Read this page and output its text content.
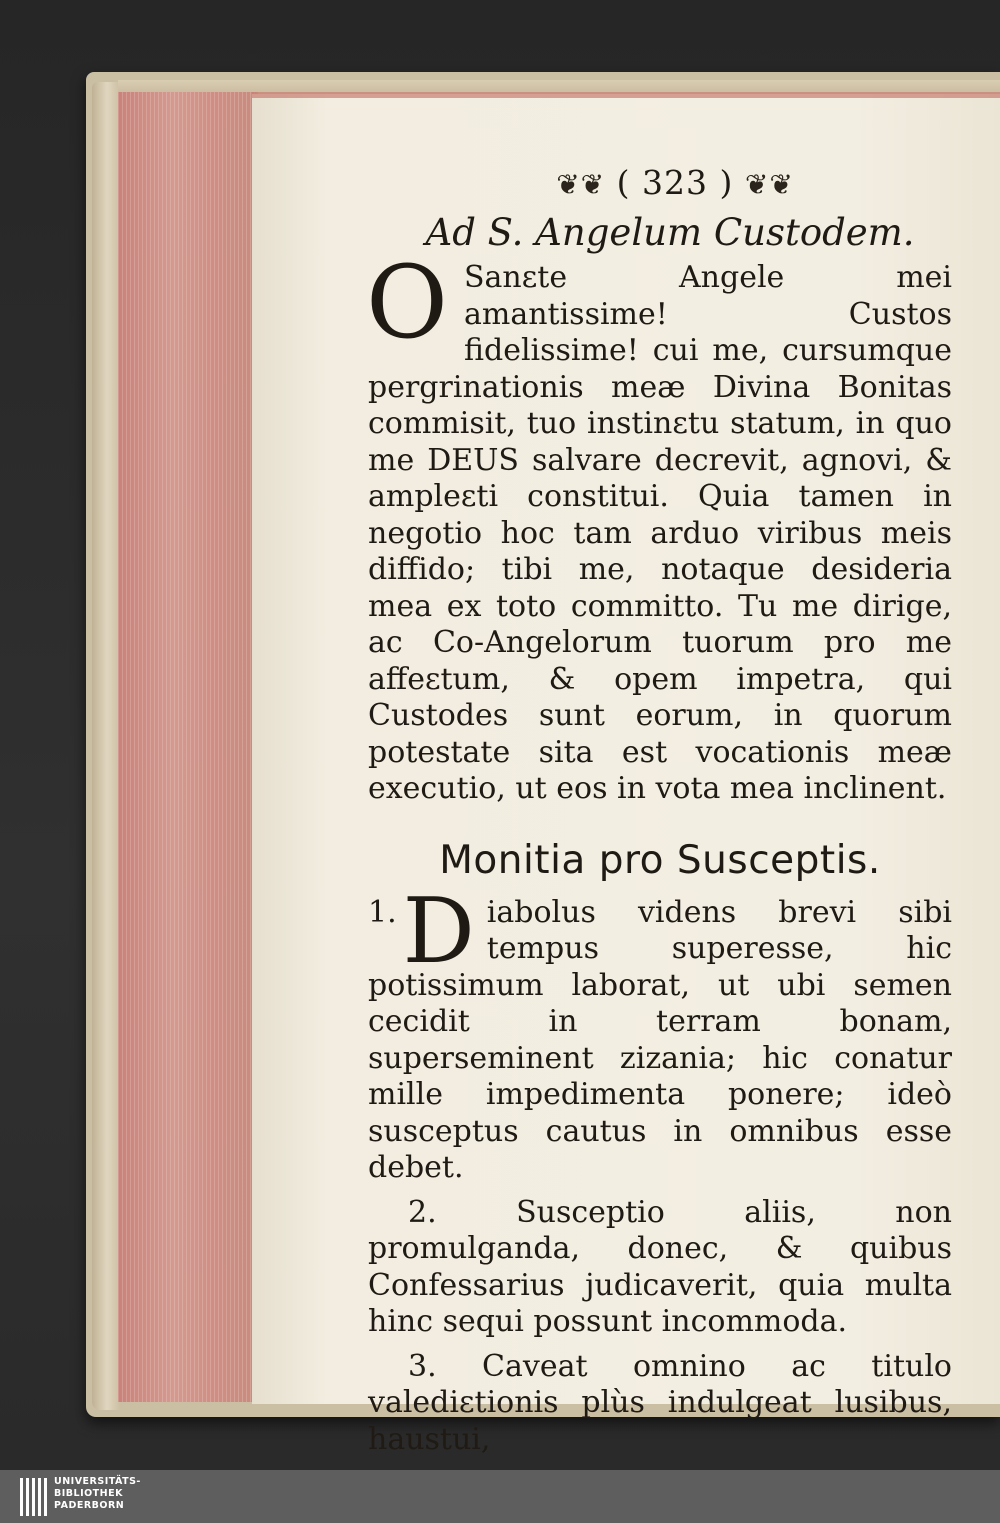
❦❦ ( 323 ) ❦❦
Ad S. Angelum Custodem.

O Sanɛte Angele mei amantissime! Custos fidelissime! cui me, cursumque pergrinationis meæ Divina Bonitas commisit, tuo instinɛtu statum, in quo me DEUS salvare decrevit, agnovi, & ampleɛti constitui. Quia tamen in negotio hoc tam arduo viribus meis diffido; tibi me, notaque desideria mea ex toto committo. Tu me dirige, ac Co-Angelorum tuorum pro me affeɛtum, & opem impetra, qui Custodes sunt eorum, in quorum potestate sita est vocationis meæ executio, ut eos in vota mea inclinent.

Monitia pro Susceptis.

1. D iabolus videns brevi sibi tempus superesse, hic potissimum laborat, ut ubi semen cecidit in terram bonam, superseminent zizania; hic conatur mille impedimenta ponere; ideò susceptus cautus in omnibus esse debet.

2. Susceptio aliis, non promulganda, donec, & quibus Confessarius judicaverit, quia multa hinc sequi possunt incommoda.

3. Caveat omnino ac titulo valediɛtionis plùs indulgeat lusibus, haustui,

UNIVERSITÄTS-
BIBLIOTHEK
PADERBORN
